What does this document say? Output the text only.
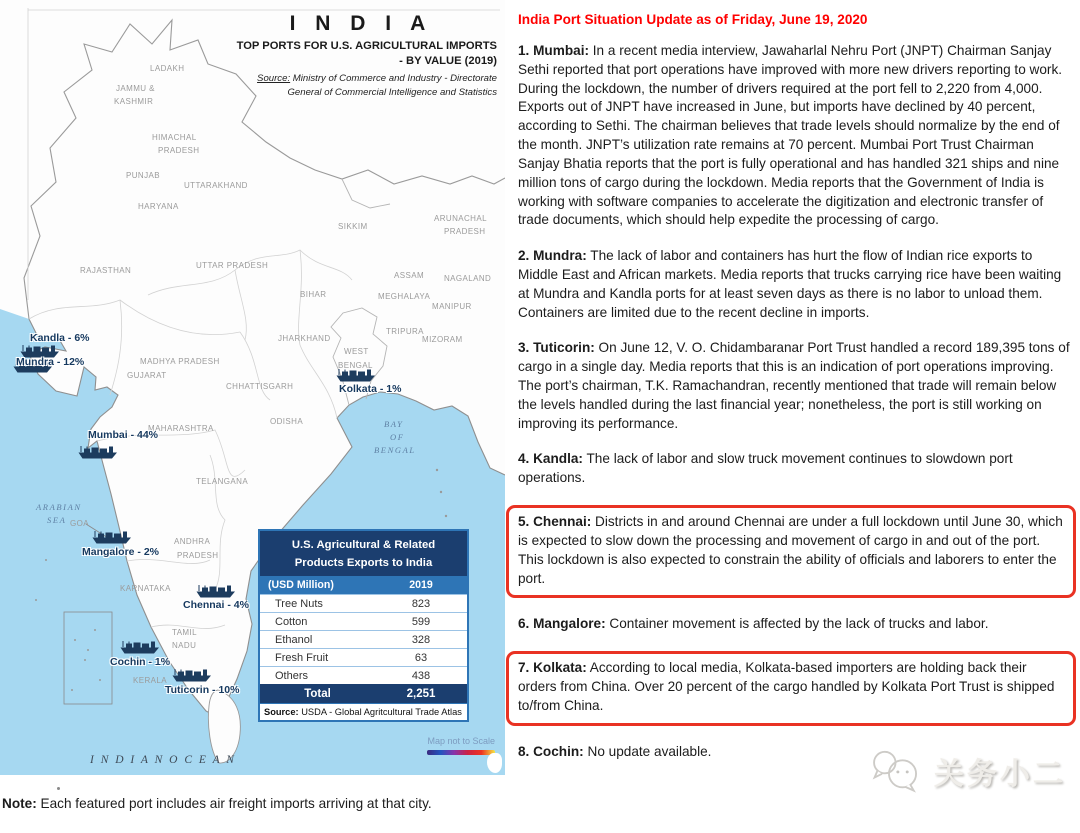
I N D I A
TOP PORTS FOR U.S. AGRICULTURAL IMPORTS
- BY VALUE (2019)
Source: Ministry of Commerce and Industry - Directorate
General of Commercial Intelligence and Statistics
LADAKH
JAMMU &
KASHMIR
HIMACHAL
PRADESH
PUNJAB
UTTARAKHAND
HARYANA
RAJASTHAN
UTTAR PRADESH
BIHAR
SIKKIM
ARUNACHAL
PRADESH
ASSAM NAGALAND
MEGHALAYA
MANIPUR
TRIPURA
MIZORAM
JHARKHAND
WEST
BENGAL
GUJARAT
MADHYA PRADESH
CHHATTISGARH
ODISHA
MAHARASHTRA
TELANGANA
GOA
ANDHRA
PRADESH
KARNATAKA
TAMIL
NADU
KERALA
ARABIAN
SEA
BAY
OF
BENGAL
I N D I A N O C E A N
Kandla - 6%
Mundra - 12%
Mumbai - 44%
Kolkata - 1%
Mangalore - 2%
Chennai - 4%
Cochin - 1%
Tuticorin - 10%
U.S. Agricultural & Related
Products Exports to India
(USD Million)	2019
Tree Nuts	823
Cotton	599
Ethanol	328
Fresh Fruit	63
Others	438
Total	2,251
Source: USDA - Global Agritcultural Trade Atlas
Map not to Scale
Note: Each featured port includes air freight imports arriving at that city.
India Port Situation Update as of Friday, June 19, 2020

1. Mumbai: In a recent media interview, Jawaharlal Nehru Port (JNPT) Chairman Sanjay Sethi reported that port operations have improved with more new drivers reporting to work. During the lockdown, the number of drivers required at the port fell to 2,220 from 4,000. Exports out of JNPT have increased in June, but imports have declined by 40 percent, according to Sethi. The chairman believes that trade levels should normalize by the end of the month. JNPT’s utilization rate remains at 70 percent. Mumbai Port Trust Chairman Sanjay Bhatia reports that the port is fully operational and has handled 321 ships and nine million tons of cargo during the lockdown. Media reports that the Government of India is working with software companies to accelerate the digitization and electronic transfer of trade documents, which should help expedite the processing of cargo.

2. Mundra: The lack of labor and containers has hurt the flow of Indian rice exports to Middle East and African markets. Media reports that trucks carrying rice have been waiting at Mundra and Kandla ports for at least seven days as there is no labor to unload them. Containers are limited due to the recent decline in imports.

3. Tuticorin: On June 12, V. O. Chidambaranar Port Trust handled a record 189,395 tons of cargo in a single day. Media reports that this is an indication of port operations improving. The port’s chairman, T.K. Ramachandran, recently mentioned that trade will remain below the levels handled during the last financial year; nonetheless, the port is still working on improving its performance.

4. Kandla: The lack of labor and slow truck movement continues to slowdown port operations.

5. Chennai: Districts in and around Chennai are under a full lockdown until June 30, which is expected to slow down the processing and movement of cargo in and out of the port. This lockdown is also expected to constrain the ability of officials and laborers to enter the port.

6. Mangalore: Container movement is affected by the lack of trucks and labor.

7. Kolkata: According to local media, Kolkata-based importers are holding back their orders from China. Over 20 percent of the cargo handled by Kolkata Port Trust is shipped to/from China.

8. Cochin: No update available.

关务小二
